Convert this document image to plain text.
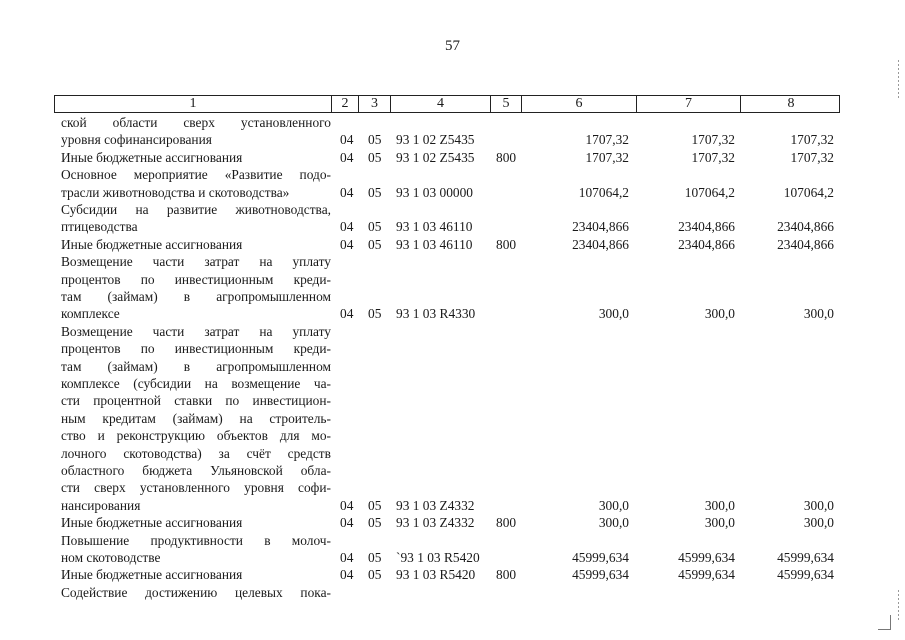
57
1	2	3	4	5	6	7	8
ской области сверх установленного
уровня софинансирования	04 05 93 1 02 Z5435	1707,32	1707,32	1707,32
Иные бюджетные ассигнования	04 05 93 1 02 Z5435 800	1707,32	1707,32	1707,32
Основное мероприятие «Развитие подо-
трасли животноводства и скотоводства»	04 05 93 1 03 00000	107064,2	107064,2	107064,2
Субсидии на развитие животноводства,
птицеводства	04 05 93 1 03 46110	23404,866	23404,866	23404,866
Иные бюджетные ассигнования	04 05 93 1 03 46110 800	23404,866	23404,866	23404,866
Возмещение части затрат на уплату
процентов по инвестиционным креди-
там (займам) в агропромышленном
комплексе	04 05 93 1 03 R4330	300,0	300,0	300,0
Возмещение части затрат на уплату
процентов по инвестиционным креди-
там (займам) в агропромышленном
комплексе (субсидии на возмещение ча-
сти процентной ставки по инвестицион-
ным кредитам (займам) на строитель-
ство и реконструкцию объектов для мо-
лочного скотоводства) за счёт средств
областного бюджета Ульяновской обла-
сти сверх установленного уровня софи-
нансирования	04 05 93 1 03 Z4332	300,0	300,0	300,0
Иные бюджетные ассигнования	04 05 93 1 03 Z4332 800	300,0	300,0	300,0
Повышение продуктивности в молоч-
ном скотоводстве	04 05 `93 1 03 R5420	45999,634	45999,634	45999,634
Иные бюджетные ассигнования	04 05 93 1 03 R5420 800	45999,634	45999,634	45999,634
Содействие достижению целевых пока-
